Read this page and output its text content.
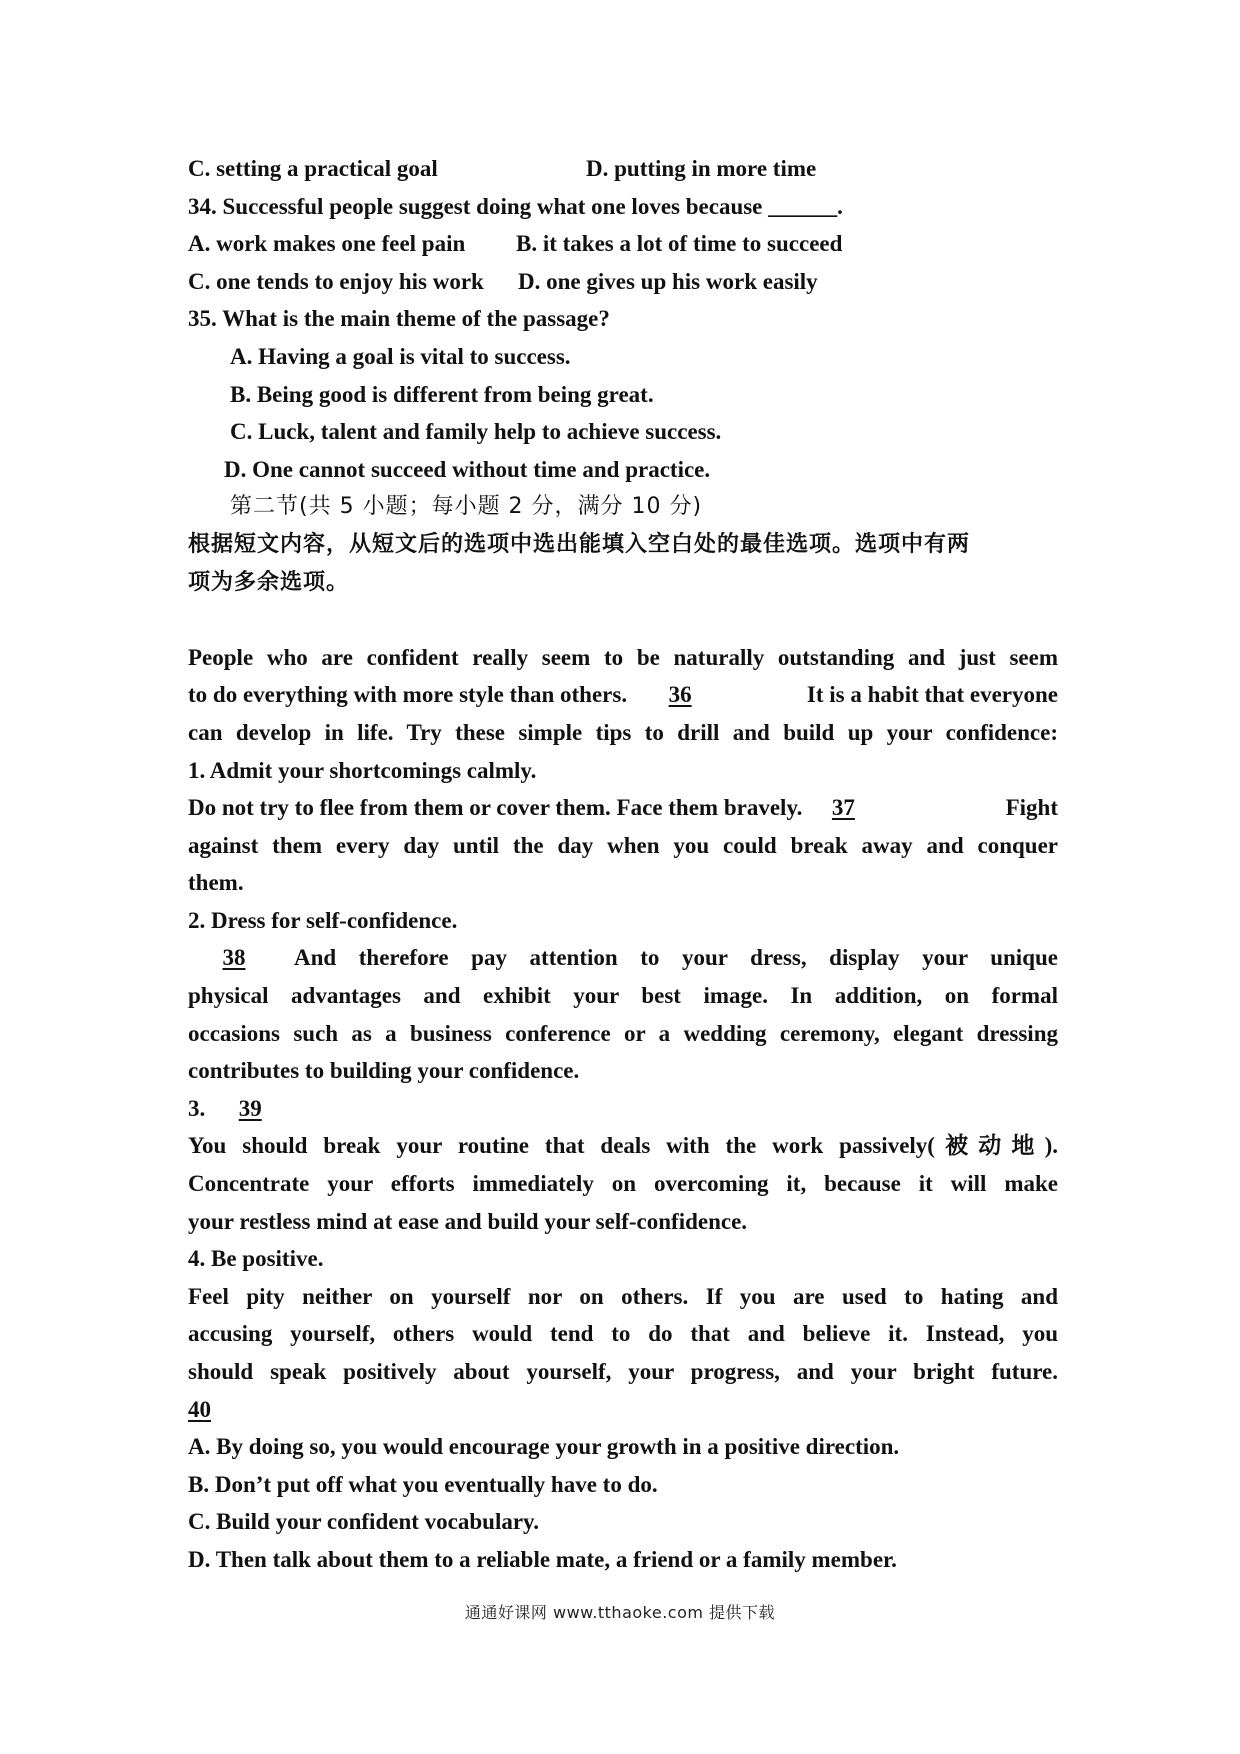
C. setting a practical goal	D. putting in more time
34. Successful people suggest doing what one loves because ______.
A. work makes one feel pain	B. it takes a lot of time to succeed
C. one tends to enjoy his work	D. one gives up his work easily
35. What is the main theme of the passage?
A. Having a goal is vital to success.
B. Being good is different from being great.
C. Luck, talent and family help to achieve success.
D. One cannot succeed without time and practice.
第二节(共 5 小题；每小题 2 分，满分 10 分)
根据短文内容，从短文后的选项中选出能填入空白处的最佳选项。选项中有两
项为多余选项。
People who are confident really seem to be naturally outstanding and just seem
to do everything with more style than others.	36	It is a habit that everyone
can develop in life. Try these simple tips to drill and build up your confidence:
1. Admit your shortcomings calmly.
Do not try to flee from them or cover them. Face them bravely.	37	Fight
against them every day until the day when you could break away and conquer
them.
2. Dress for self-confidence.
38	And therefore pay attention to your dress, display your unique
physical advantages and exhibit your best image. In addition, on formal
occasions such as a business conference or a wedding ceremony, elegant dressing
contributes to building your confidence.
3.	39
You should break your routine that deals with the work passively(被动地).
Concentrate your efforts immediately on overcoming it, because it will make
your restless mind at ease and build your self-confidence.
4. Be positive.
Feel pity neither on yourself nor on others. If you are used to hating and
accusing yourself, others would tend to do that and believe it. Instead, you
should speak positively about yourself, your progress, and your bright future.
40
A. By doing so, you would encourage your growth in a positive direction.
B. Don’t put off what you eventually have to do.
C. Build your confident vocabulary.
D. Then talk about them to a reliable mate, a friend or a family member.
通通好课网 www.tthaoke.com 提供下载
